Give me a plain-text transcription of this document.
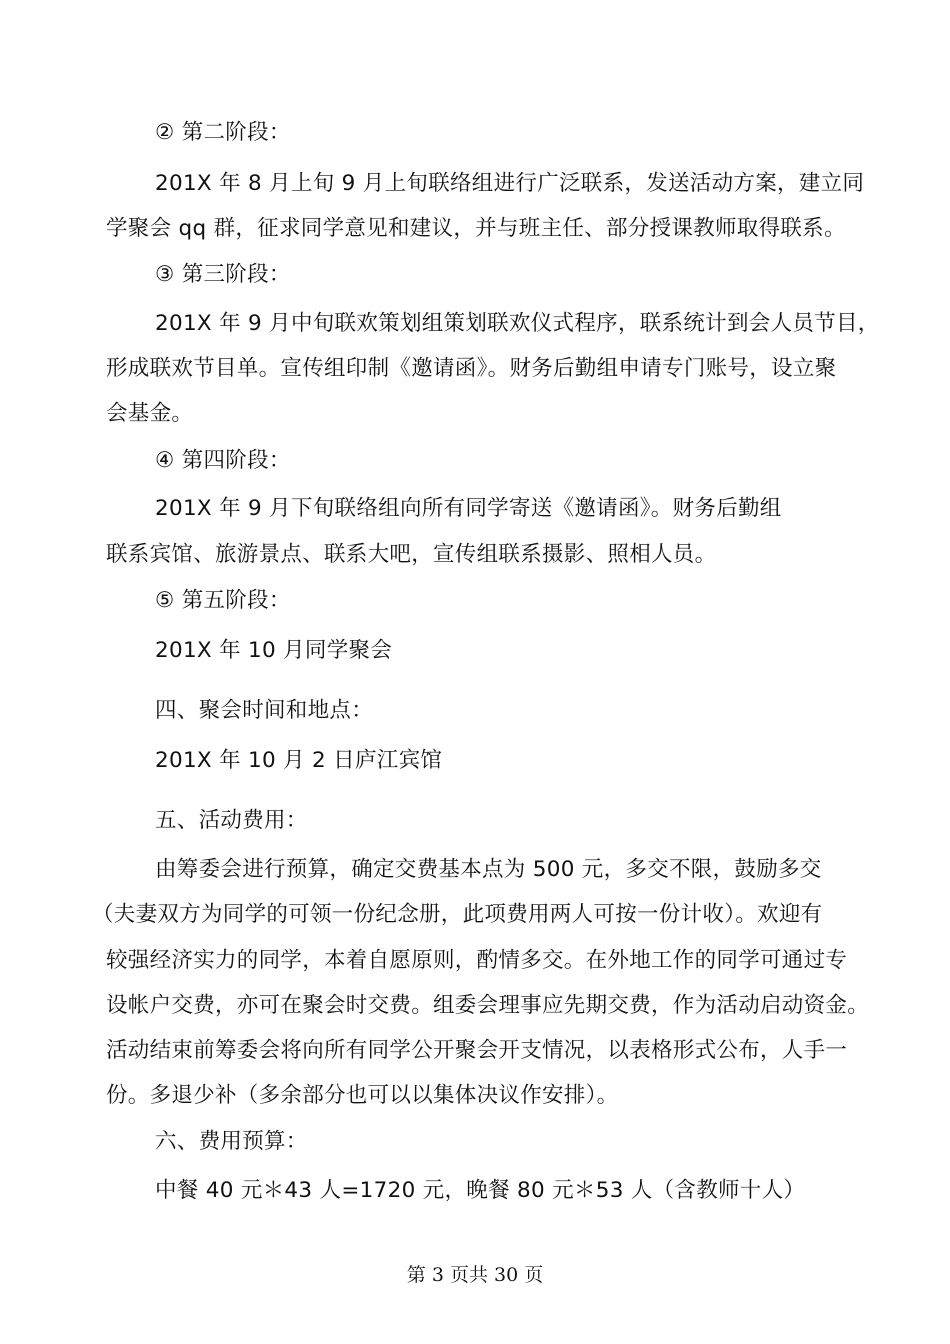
② 第二阶段：

201X 年 8 月上旬 9 月上旬联络组进行广泛联系，发送活动方案，建立同

学聚会 qq 群，征求同学意见和建议，并与班主任、部分授课教师取得联系。

③ 第三阶段：

201X 年 9 月中旬联欢策划组策划联欢仪式程序，联系统计到会人员节目，

形成联欢节目单。宣传组印制《邀请函》。财务后勤组申请专门账号，设立聚

会基金。

④ 第四阶段：

201X 年 9 月下旬联络组向所有同学寄送《邀请函》。财务后勤组

联系宾馆、旅游景点、联系大吧，宣传组联系摄影、照相人员。

⑤ 第五阶段：

201X 年 10 月同学聚会

四、聚会时间和地点：

201X 年 10 月 2 日庐江宾馆

五、活动费用：

由筹委会进行预算，确定交费基本点为 500 元，多交不限，鼓励多交

（夫妻双方为同学的可领一份纪念册，此项费用两人可按一份计收）。欢迎有

较强经济实力的同学，本着自愿原则，酌情多交。在外地工作的同学可通过专

设帐户交费，亦可在聚会时交费。组委会理事应先期交费，作为活动启动资金。

活动结束前筹委会将向所有同学公开聚会开支情况，以表格形式公布，人手一

份。多退少补（多余部分也可以以集体决议作安排）。

六、费用预算：

中餐 40 元＊43 人=1720 元，晚餐 80 元＊53 人（含教师十人）

第 3 页共 30 页
